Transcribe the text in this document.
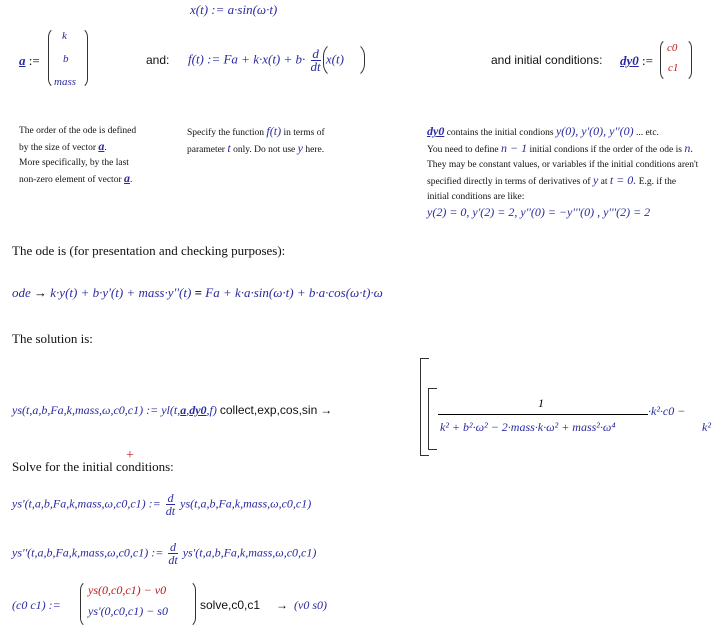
x(t) := a·sin(ω·t)
a :=
k
b
mass
and: f(t) := $Fa + k\cdot x(t) + b\cdot \frac{d}{dt} x(t)$	and initial conditions: dy0 :=
c0
c1
The order of the ode is defined
by the size of vector a.
More specifically, by the last
non-zero element of vector a.
Specify the function f(t) in terms of
parameter t only. Do not use y here.
dy0 contains the initial condions y(0), y'(0), y''(0) ... etc.
You need to define n − 1 initial condions if the order of the ode is n.
They may be constant values, or variables if the initial conditions aren't
specified directly in terms of derivatives of y at t = 0. E.g. if the
initial conditions are like:
y(2) = 0, y'(2) = 2, y''(0) = −y'''(0) , y'''(2) = 2
The ode is (for presentation and checking purposes):
ode → k·y(t) + b·y'(t) + mass·y''(t) = Fa + k·a·sin(ω·t) + b·a·cos(ω·t)·ω
The solution is:
ys(t,a,b,Fa,k,mass,ω,c0,c1) := yl(t,a,dy0,f) collect,exp,cos,sin →	1
k² + b²·ω² − 2·mass·k·ω² + mass²·ω⁴
·k²·c0 −
k²
+
Solve for the initial conditions:
ys'(t,a,b,Fa,k,mass,ω,c0,c1) := $\frac{d}{dt}$ ys(t,a,b,Fa,k,mass,ω,c0,c1)
ys''(t,a,b,Fa,k,mass,ω,c0,c1) := $\frac{d}{dt}$ ys'(t,a,b,Fa,k,mass,ω,c0,c1)
(c0 c1) :=
ys(0,c0,c1) − v0
ys'(0,c0,c1) − s0	solve,c0,c1 → (v0 s0)
